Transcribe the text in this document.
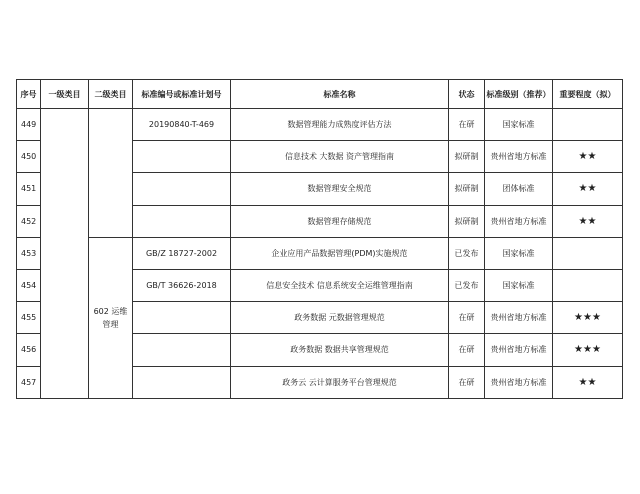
序号	一级类目	二级类目	标准编号或标准计划号	标准名称	状态	标准级别（推荐）	重要程度（拟）
449			20190840-T-469	数据管理能力成熟度评估方法	在研	国家标准	
450				信息技术 大数据 资产管理指南	拟研制	贵州省地方标准	★★
451				数据管理安全规范	拟研制	团体标准	★★
452				数据管理存储规范	拟研制	贵州省地方标准	★★
453		602 运维管理	GB/Z 18727-2002	企业应用产品数据管理(PDM)实施规范	已发布	国家标准	
454			GB/T 36626-2018	信息安全技术 信息系统安全运维管理指南	已发布	国家标准	
455				政务数据 元数据管理规范	在研	贵州省地方标准	★★★
456				政务数据 数据共享管理规范	在研	贵州省地方标准	★★★
457				政务云 云计算服务平台管理规范	在研	贵州省地方标准	★★
